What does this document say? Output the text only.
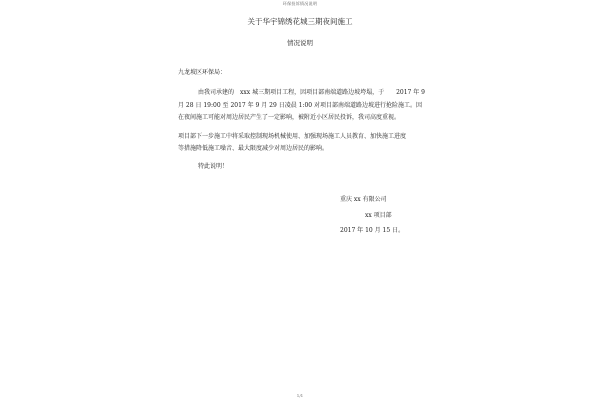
环保投诉情况说明
关于华宇锦绣花城三期夜间施工
情况说明
九龙坡区环保局：
由我司承建的 xxx 城三期项目工程，因项目部南端道路边坡垮塌，于 2017 年 9
月 28 日 19:00 至 2017 年 9 月 29 日凌晨 1:00 对项目部南端道路边坡进行抢险施工。因
在夜间施工可能对周边居民产生了一定影响，被附近小区居民投诉，我司高度重视。
项目部下一步施工中将采取控制现场机械使用、加强现场施工人员教育、加快施工进度
等措施降低施工噪音、最大限度减少对周边居民的影响。
特此说明！
重庆 xx 有限公司
xx 项目部
2017 年 10 月 15 日。
1/1
